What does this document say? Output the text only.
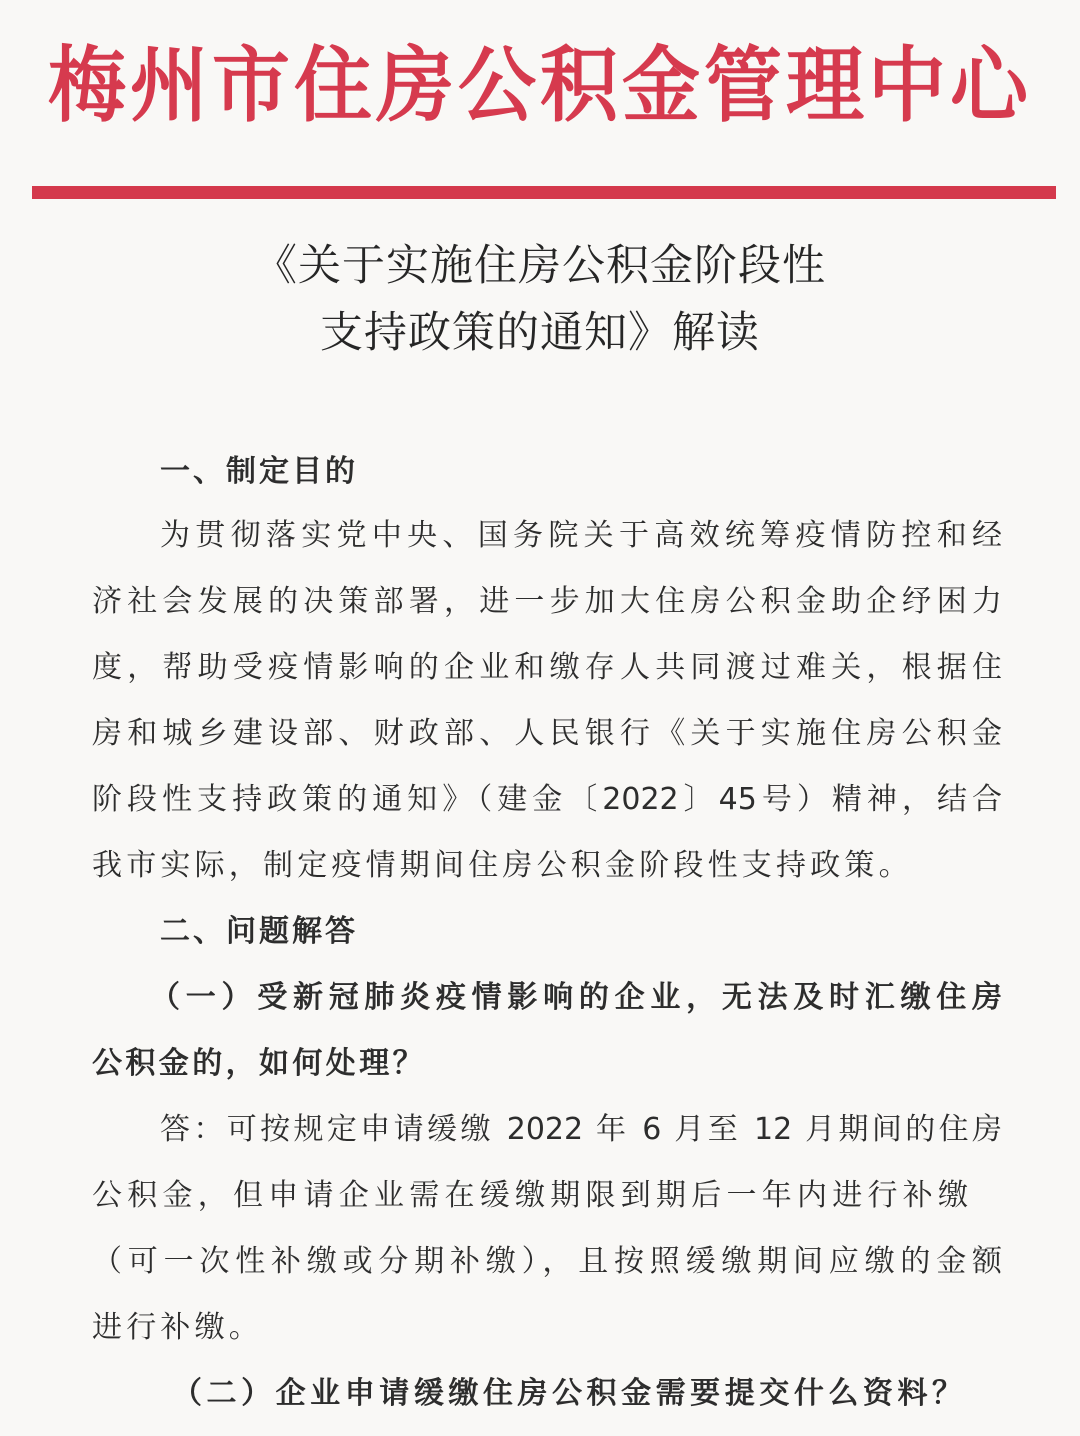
梅州市住房公积金管理中心
《关于实施住房公积金阶段性
支持政策的通知》解读
一、制定目的
为贯彻落实党中央、国务院关于高效统筹疫情防控和经
济社会发展的决策部署，进一步加大住房公积金助企纾困力
度，帮助受疫情影响的企业和缴存人共同渡过难关，根据住
房和城乡建设部、财政部、人民银行《关于实施住房公积金
阶段性支持政策的通知》（建金〔2022〕45号）精神，结合
我市实际，制定疫情期间住房公积金阶段性支持政策。
二、问题解答
（一）受新冠肺炎疫情影响的企业，无法及时汇缴住房
公积金的，如何处理？
答：可按规定申请缓缴 2022 年 6 月至 12 月期间的住房
公积金，但申请企业需在缓缴期限到期后一年内进行补缴
（可一次性补缴或分期补缴），且按照缓缴期间应缴的金额
进行补缴。
（二）企业申请缓缴住房公积金需要提交什么资料？
